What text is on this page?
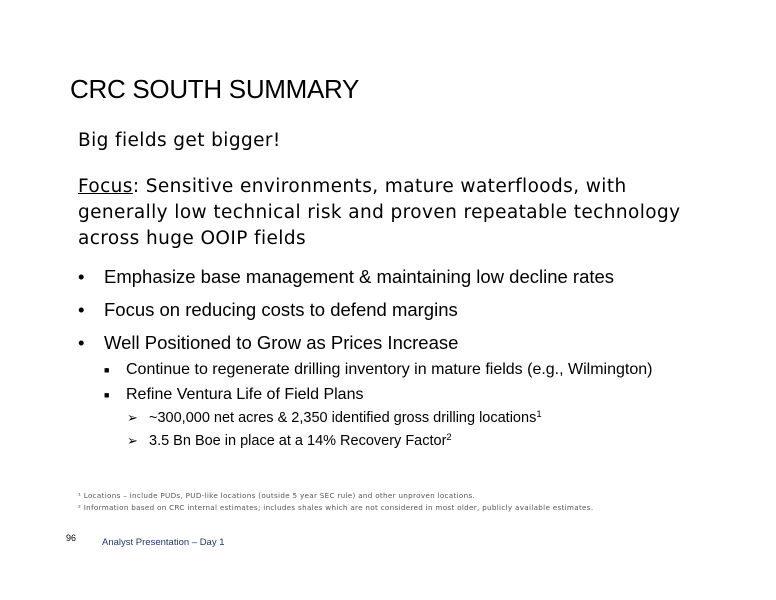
CRC SOUTH SUMMARY
Big fields get bigger!
Focus: Sensitive environments, mature waterfloods, with
generally low technical risk and proven repeatable technology
across huge OOIP fields
• Emphasize base management & maintaining low decline rates
• Focus on reducing costs to defend margins
• Well Positioned to Grow as Prices Increase
■ Continue to regenerate drilling inventory in mature fields (e.g., Wilmington)
■ Refine Ventura Life of Field Plans
➢ ~300,000 net acres & 2,350 identified gross drilling locations$^1$
➢ 3.5 Bn Boe in place at a 14% Recovery Factor$^2$
¹ Locations – include PUDs, PUD-like locations (outside 5 year SEC rule) and other unproven locations.
² Information based on CRC internal estimates; includes shales which are not considered in most older, publicly available estimates.
96	Analyst Presentation – Day 1
